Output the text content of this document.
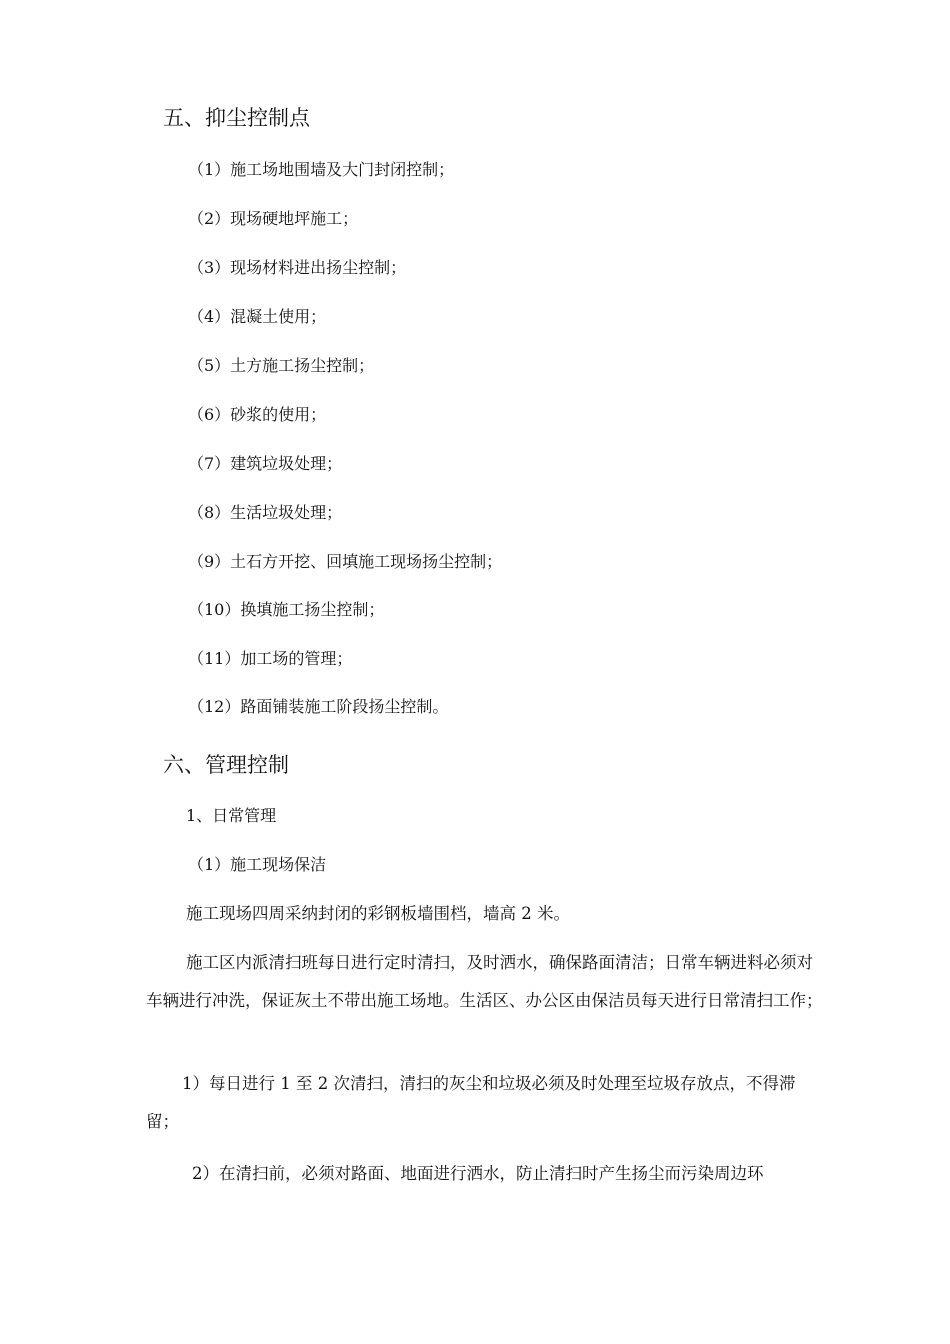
五、抑尘控制点
（1）施工场地围墙及大门封闭控制；
（2）现场硬地坪施工；
（3）现场材料进出扬尘控制；
（4）混凝土使用；
（5）土方施工扬尘控制；
（6）砂浆的使用；
（7）建筑垃圾处理；
（8）生活垃圾处理；
（9）土石方开挖、回填施工现场扬尘控制；
（10）换填施工扬尘控制；
（11）加工场的管理；
（12）路面铺装施工阶段扬尘控制。
六、管理控制
1、日常管理
（1）施工现场保洁
施工现场四周采纳封闭的彩钢板墙围档，墙高 2 米。
施工区内派清扫班每日进行定时清扫，及时洒水，确保路面清洁；日常车辆进料必须对车辆进行冲洗，保证灰土不带出施工场地。生活区、办公区由保洁员每天进行日常清扫工作；
1）每日进行 1 至 2 次清扫，清扫的灰尘和垃圾必须及时处理至垃圾存放点，不得滞留；
2）在清扫前，必须对路面、地面进行洒水，防止清扫时产生扬尘而污染周边环
